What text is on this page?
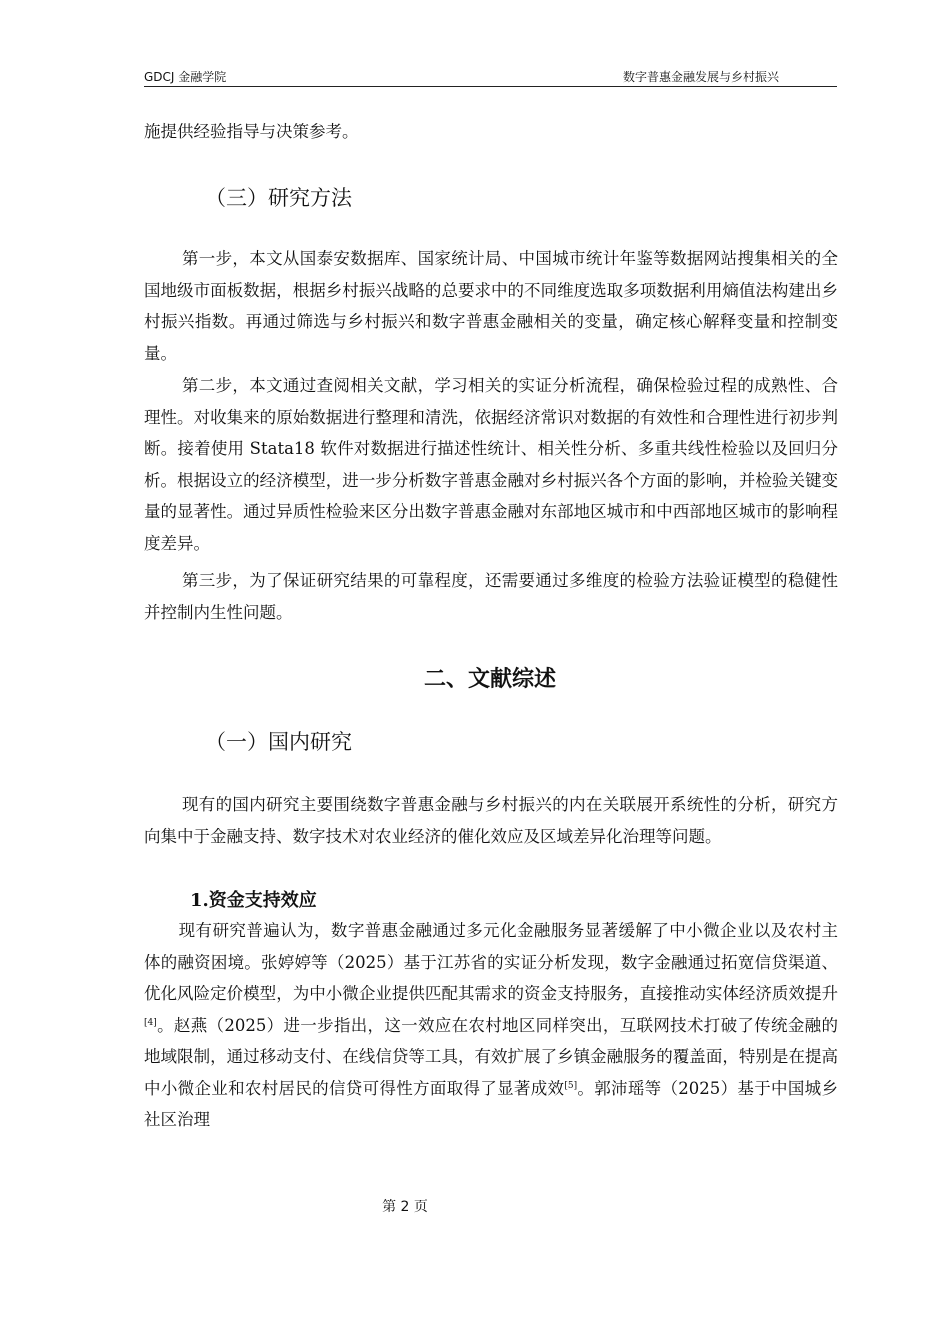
GDCJ 金融学院	数字普惠金融发展与乡村振兴

施提供经验指导与决策参考。

（三）研究方法

第一步，本文从国泰安数据库、国家统计局、中国城市统计年鉴等数据网站搜集相关的全国地级市面板数据，根据乡村振兴战略的总要求中的不同维度选取多项数据利用熵值法构建出乡村振兴指数。再通过筛选与乡村振兴和数字普惠金融相关的变量，确定核心解释变量和控制变量。

第二步，本文通过查阅相关文献，学习相关的实证分析流程，确保检验过程的成熟性、合理性。对收集来的原始数据进行整理和清洗，依据经济常识对数据的有效性和合理性进行初步判断。接着使用 Stata18 软件对数据进行描述性统计、相关性分析、多重共线性检验以及回归分析。根据设立的经济模型，进一步分析数字普惠金融对乡村振兴各个方面的影响，并检验关键变量的显著性。通过异质性检验来区分出数字普惠金融对东部地区城市和中西部地区城市的影响程度差异。

第三步，为了保证研究结果的可靠程度，还需要通过多维度的检验方法验证模型的稳健性并控制内生性问题。

二、文献综述
（一）国内研究

现有的国内研究主要围绕数字普惠金融与乡村振兴的内在关联展开系统性的分析，研究方向集中于金融支持、数字技术对农业经济的催化效应及区域差异化治理等问题。

1.资金支持效应

现有研究普遍认为，数字普惠金融通过多元化金融服务显著缓解了中小微企业以及农村主体的融资困境。张婷婷等（2025）基于江苏省的实证分析发现，数字金融通过拓宽信贷渠道、优化风险定价模型，为中小微企业提供匹配其需求的资金支持服务，直接推动实体经济质效提升[4]。赵燕（2025）进一步指出，这一效应在农村地区同样突出，互联网技术打破了传统金融的地域限制，通过移动支付、在线信贷等工具，有效扩展了乡镇金融服务的覆盖面，特别是在提高中小微企业和农村居民的信贷可得性方面取得了显著成效[5]。郭沛瑶等（2025）基于中国城乡社区治理

第 2 页
